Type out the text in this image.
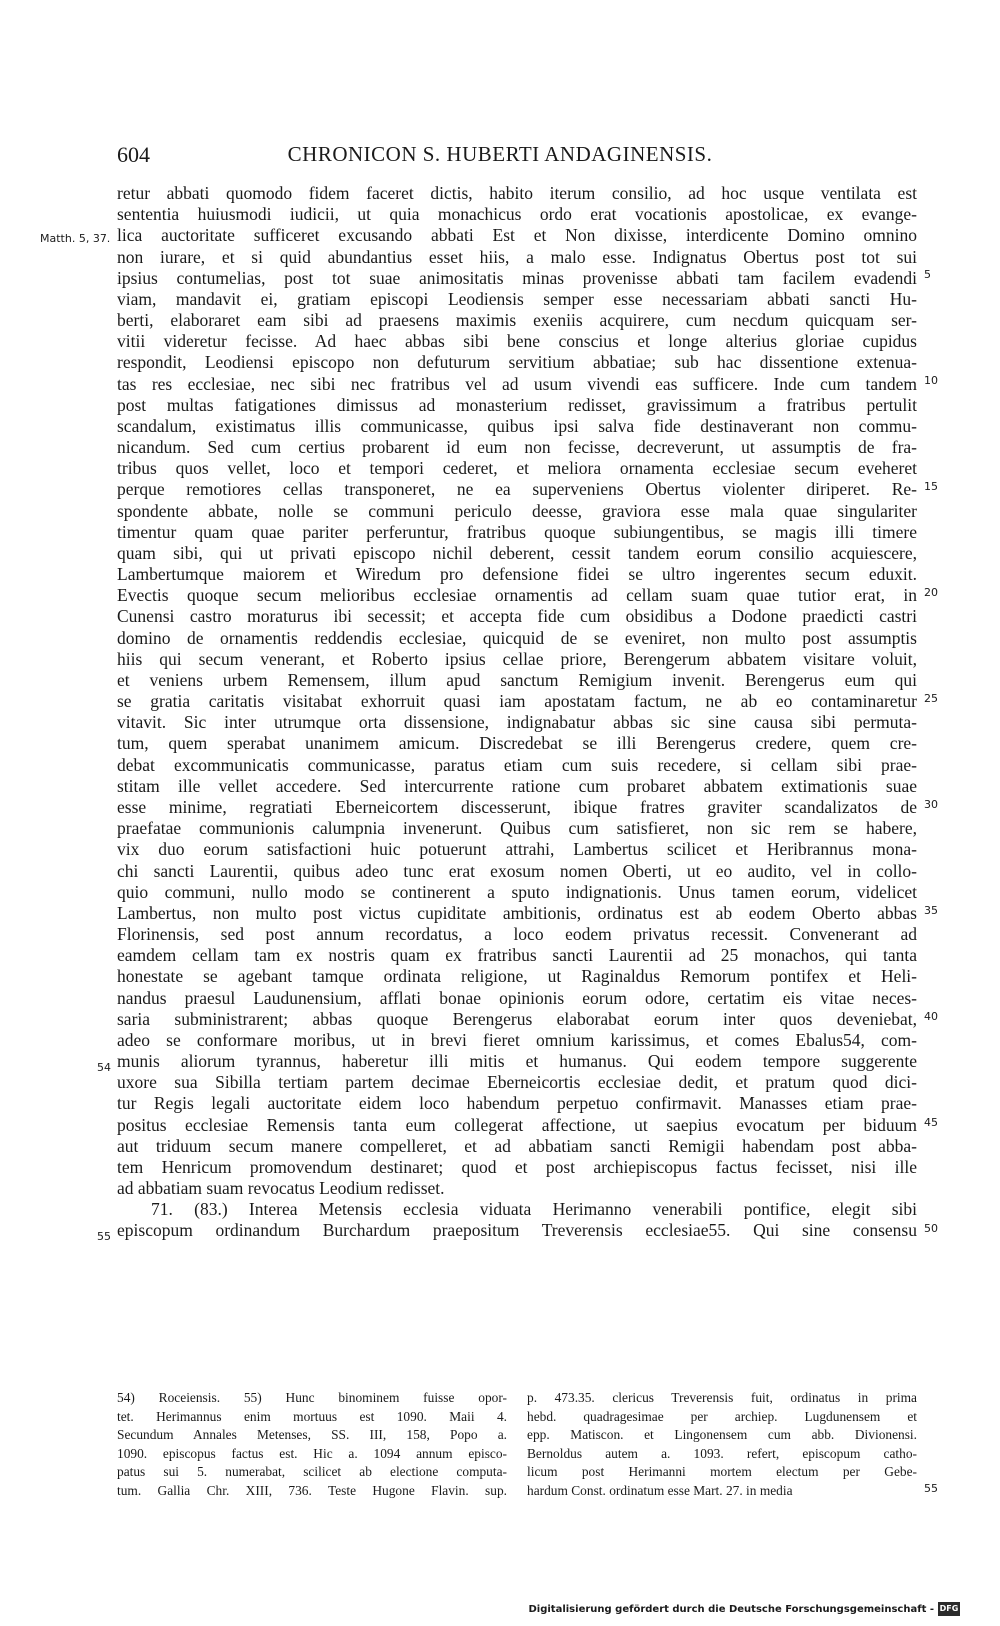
604	CHRONICON S. HUBERTI ANDAGINENSIS.
retur abbati quomodo fidem faceret dictis, habito iterum consilio, ad hoc usque ventilata est
sententia huiusmodi iudicii, ut quia monachicus ordo erat vocationis apostolicae, ex evange-
lica auctoritate sufficeret excusando abbati Est et Non dixisse, interdicente Domino omnino
non iurare, et si quid abundantius esset hiis, a malo esse. Indignatus Obertus post tot sui
ipsius contumelias, post tot suae animositatis minas provenisse abbati tam facilem evadendi
viam, mandavit ei, gratiam episcopi Leodiensis semper esse necessariam abbati sancti Hu-
berti, elaboraret eam sibi ad praesens maximis exeniis acquirere, cum necdum quicquam ser-
vitii videretur fecisse. Ad haec abbas sibi bene conscius et longe alterius gloriae cupidus
respondit, Leodiensi episcopo non defuturum servitium abbatiae; sub hac dissentione extenua-
tas res ecclesiae, nec sibi nec fratribus vel ad usum vivendi eas sufficere. Inde cum tandem
post multas fatigationes dimissus ad monasterium redisset, gravissimum a fratribus pertulit
scandalum, existimatus illis communicasse, quibus ipsi salva fide destinaverant non commu-
nicandum. Sed cum certius probarent id eum non fecisse, decreverunt, ut assumptis de fra-
tribus quos vellet, loco et tempori cederet, et meliora ornamenta ecclesiae secum eveheret
perque remotiores cellas transponeret, ne ea superveniens Obertus violenter diriperet. Re-
spondente abbate, nolle se communi periculo deesse, graviora esse mala quae singulariter
timentur quam quae pariter perferuntur, fratribus quoque subiungentibus, se magis illi timere
quam sibi, qui ut privati episcopo nichil deberent, cessit tandem eorum consilio acquiescere,
Lambertumque maiorem et Wiredum pro defensione fidei se ultro ingerentes secum eduxit.
Evectis quoque secum melioribus ecclesiae ornamentis ad cellam suam quae tutior erat, in
Cunensi castro moraturus ibi secessit; et accepta fide cum obsidibus a Dodone praedicti castri
domino de ornamentis reddendis ecclesiae, quicquid de se eveniret, non multo post assumptis
hiis qui secum venerant, et Roberto ipsius cellae priore, Berengerum abbatem visitare voluit,
et veniens urbem Remensem, illum apud sanctum Remigium invenit. Berengerus eum qui
se gratia caritatis visitabat exhorruit quasi iam apostatam factum, ne ab eo contaminaretur
vitavit. Sic inter utrumque orta dissensione, indignabatur abbas sic sine causa sibi permuta-
tum, quem sperabat unanimem amicum. Discredebat se illi Berengerus credere, quem cre-
debat excommunicatis communicasse, paratus etiam cum suis recedere, si cellam sibi prae-
stitam ille vellet accedere. Sed intercurrente ratione cum probaret abbatem extimationis suae
esse minime, regratiati Eberneicortem discesserunt, ibique fratres graviter scandalizatos de
praefatae communionis calumpnia invenerunt. Quibus cum satisfieret, non sic rem se habere,
vix duo eorum satisfactioni huic potuerunt attrahi, Lambertus scilicet et Heribrannus mona-
chi sancti Laurentii, quibus adeo tunc erat exosum nomen Oberti, ut eo audito, vel in collo-
quio communi, nullo modo se continerent a sputo indignationis. Unus tamen eorum, videlicet
Lambertus, non multo post victus cupiditate ambitionis, ordinatus est ab eodem Oberto abbas
Florinensis, sed post annum recordatus, a loco eodem privatus recessit. Convenerant ad
eamdem cellam tam ex nostris quam ex fratribus sancti Laurentii ad 25 monachos, qui tanta
honestate se agebant tamque ordinata religione, ut Raginaldus Remorum pontifex et Heli-
nandus praesul Laudunensium, afflati bonae opinionis eorum odore, certatim eis vitae neces-
saria subministrarent; abbas quoque Berengerus elaborabat eorum inter quos deveniebat,
adeo se conformare moribus, ut in brevi fieret omnium karissimus, et comes Ebalus54, com-
munis aliorum tyrannus, haberetur illi mitis et humanus. Qui eodem tempore suggerente
uxore sua Sibilla tertiam partem decimae Eberneicortis ecclesiae dedit, et pratum quod dici-
tur Regis legali auctoritate eidem loco habendum perpetuo confirmavit. Manasses etiam prae-
positus ecclesiae Remensis tanta eum collegerat affectione, ut saepius evocatum per biduum
aut triduum secum manere compelleret, et ad abbatiam sancti Remigii habendam post abba-
tem Henricum promovendum destinaret; quod et post archiepiscopus factus fecisset, nisi ille
ad abbatiam suam revocatus Leodium redisset.
71. (83.) Interea Metensis ecclesia viduata Herimanno venerabili pontifice, elegit sibi
episcopum ordinandum Burchardum praepositum Treverensis ecclesiae55. Qui sine consensu
5
10
15
20
25
30
35
40
45
50
Matth. 5, 37.
54
55
54) Roceiensis. 55) Hunc binominem fuisse opor- p. 473.35. clericus Treverensis fuit, ordinatus in prima
tet. Herimannus enim mortuus est 1090. Maii 4. hebd. quadragesimae per archiep. Lugdunensem et
Secundum Annales Metenses, SS. III, 158, Popo a. epp. Matiscon. et Lingonensem cum abb. Divionensi.
1090. episcopus factus est. Hic a. 1094 annum episco- Bernoldus autem a. 1093. refert, episcopum catho-
patus sui 5. numerabat, scilicet ab electione computa- licum post Herimanni mortem electum per Gebe-
tum. Gallia Chr. XIII, 736. Teste Hugone Flavin. sup. hardum Const. ordinatum esse Mart. 27. in media	55
Digitalisierung gefördert durch die Deutsche Forschungsgemeinschaft - DFG
